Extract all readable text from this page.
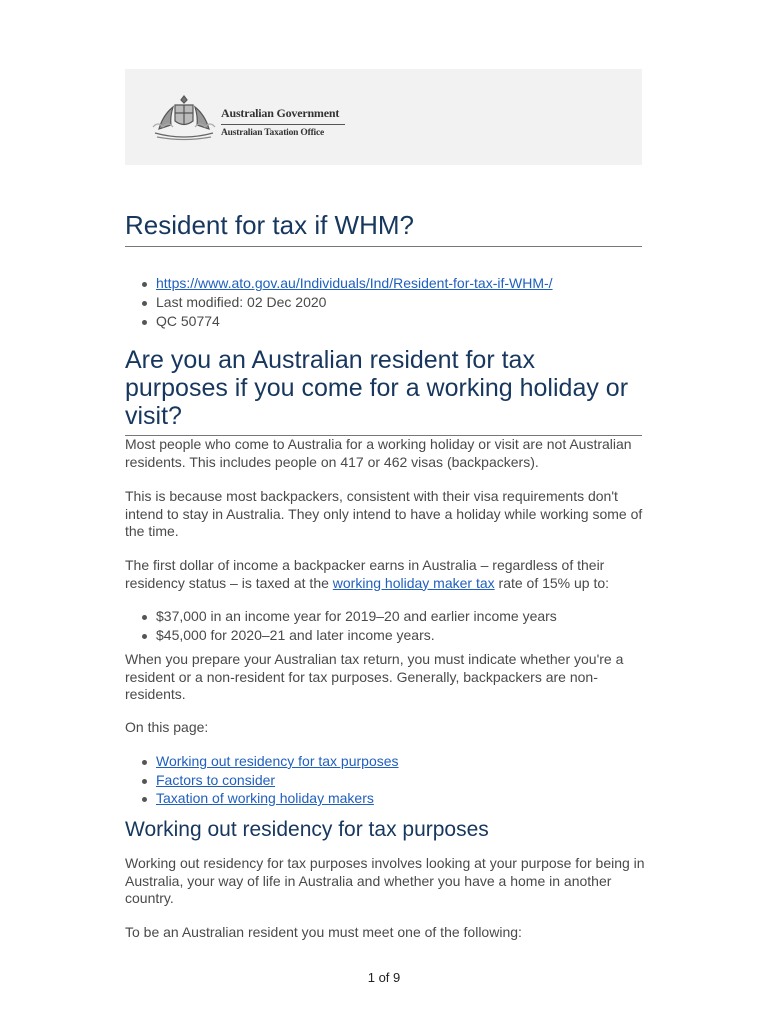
Australian Government
Australian Taxation Office
Resident for tax if WHM?
https://www.ato.gov.au/Individuals/Ind/Resident-for-tax-if-WHM-/
Last modified: 02 Dec 2020
QC 50774
Are you an Australian resident for tax purposes if you come for a working holiday or visit?

Most people who come to Australia for a working holiday or visit are not Australian residents. This includes people on 417 or 462 visas (backpackers).

This is because most backpackers, consistent with their visa requirements don't intend to stay in Australia. They only intend to have a holiday while working some of the time.

The first dollar of income a backpacker earns in Australia – regardless of their residency status – is taxed at the working holiday maker tax rate of 15% up to:

$37,000 in an income year for 2019–20 and earlier income years
$45,000 for 2020–21 and later income years.

When you prepare your Australian tax return, you must indicate whether you're a resident or a non-resident for tax purposes. Generally, backpackers are non-residents.

On this page:

Working out residency for tax purposes
Factors to consider
Taxation of working holiday makers
Working out residency for tax purposes

Working out residency for tax purposes involves looking at your purpose for being in Australia, your way of life in Australia and whether you have a home in another country.

To be an Australian resident you must meet one of the following:

1 of 9
